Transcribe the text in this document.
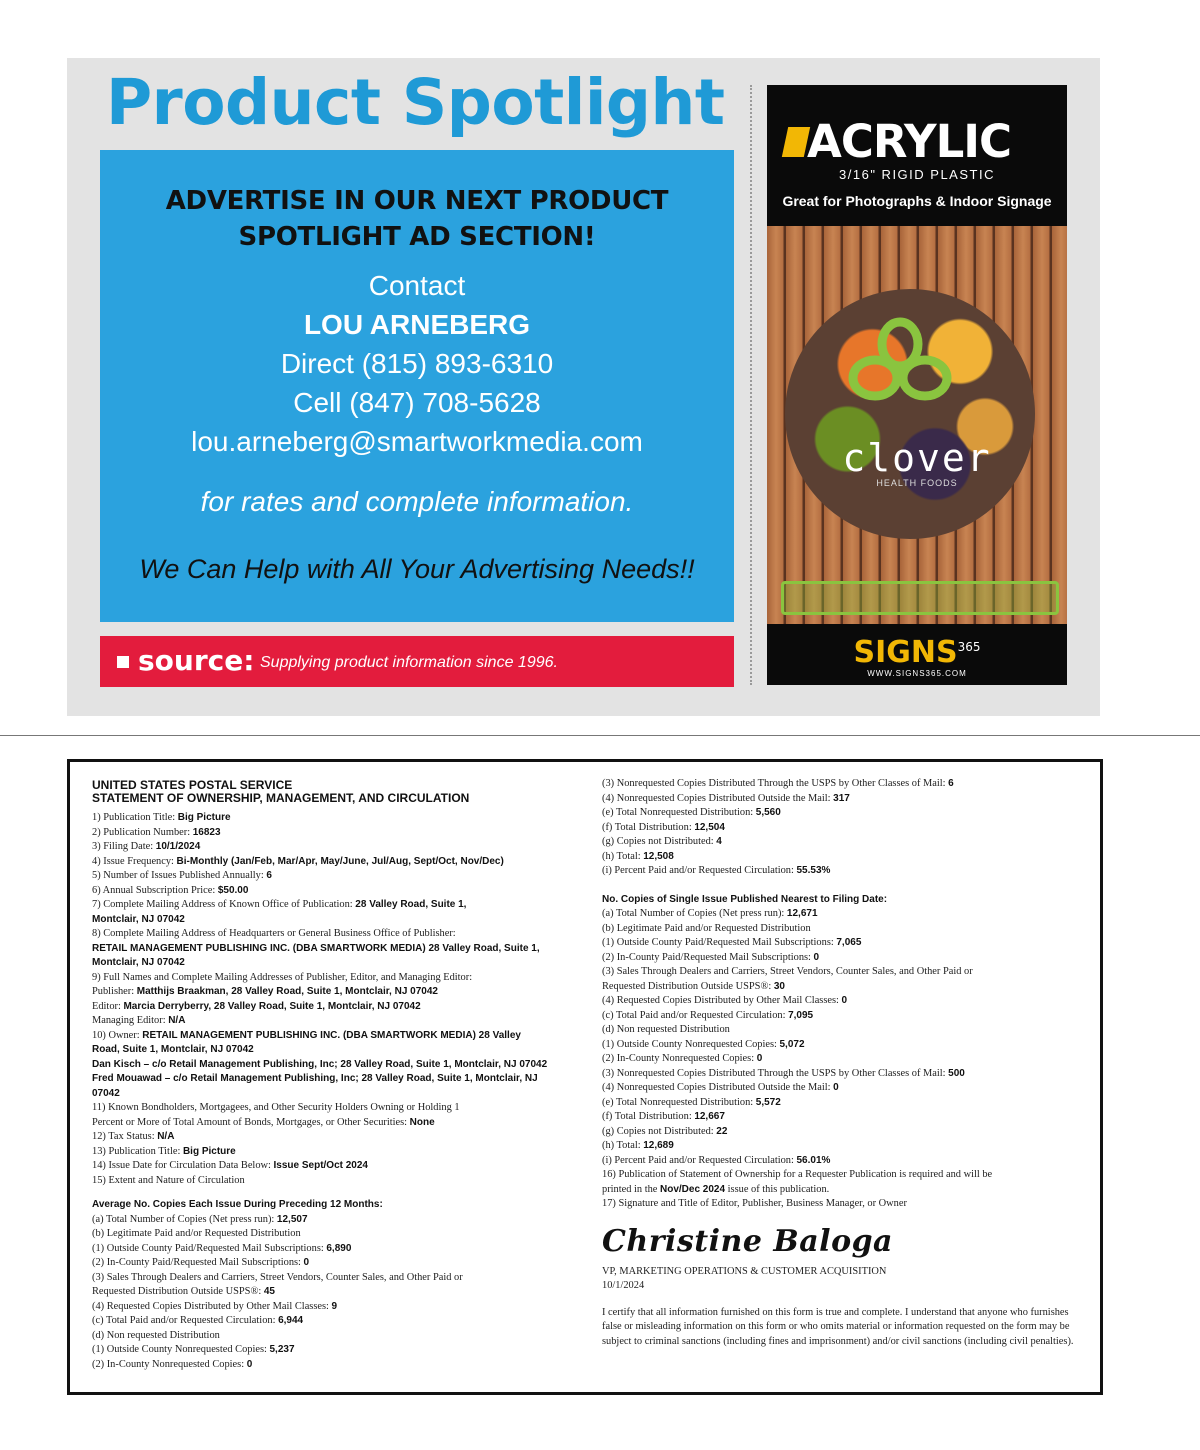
Product Spotlight
ADVERTISE IN OUR NEXT PRODUCT
SPOTLIGHT AD SECTION!
Contact
LOU ARNEBERG
Direct (815) 893-6310
Cell (847) 708-5628
lou.arneberg@smartworkmedia.com
for rates and complete information.
We Can Help with All Your Advertising Needs!!
source: Supplying product information since 1996.
ACRYLIC
3/16" RIGID PLASTIC
Great for Photographs & Indoor Signage
clover
HEALTH FOODS
SIGNS$^{365}$
WWW.SIGNS365.COM
UNITED STATES POSTAL SERVICE
STATEMENT OF OWNERSHIP, MANAGEMENT, AND CIRCULATION
1) Publication Title: Big Picture
2) Publication Number: 16823
3) Filing Date: 10/1/2024
4) Issue Frequency: Bi-Monthly (Jan/Feb, Mar/Apr, May/June, Jul/Aug, Sept/Oct, Nov/Dec)
5) Number of Issues Published Annually: 6
6) Annual Subscription Price: $50.00
7) Complete Mailing Address of Known Office of Publication: 28 Valley Road, Suite 1,
Montclair, NJ 07042
8) Complete Mailing Address of Headquarters or General Business Office of Publisher:
RETAIL MANAGEMENT PUBLISHING INC. (DBA SMARTWORK MEDIA) 28 Valley Road, Suite 1,
Montclair, NJ 07042
9) Full Names and Complete Mailing Addresses of Publisher, Editor, and Managing Editor:
Publisher: Matthijs Braakman, 28 Valley Road, Suite 1, Montclair, NJ 07042
Editor: Marcia Derryberry, 28 Valley Road, Suite 1, Montclair, NJ 07042
Managing Editor: N/A
10) Owner: RETAIL MANAGEMENT PUBLISHING INC. (DBA SMARTWORK MEDIA) 28 Valley
Road, Suite 1, Montclair, NJ 07042
Dan Kisch – c/o Retail Management Publishing, Inc; 28 Valley Road, Suite 1, Montclair, NJ 07042
Fred Mouawad – c/o Retail Management Publishing, Inc; 28 Valley Road, Suite 1, Montclair, NJ
07042
11) Known Bondholders, Mortgagees, and Other Security Holders Owning or Holding 1
Percent or More of Total Amount of Bonds, Mortgages, or Other Securities: None
12) Tax Status: N/A
13) Publication Title: Big Picture
14) Issue Date for Circulation Data Below: Issue Sept/Oct 2024
15) Extent and Nature of Circulation
Average No. Copies Each Issue During Preceding 12 Months:
(a) Total Number of Copies (Net press run): 12,507
(b) Legitimate Paid and/or Requested Distribution
(1) Outside County Paid/Requested Mail Subscriptions: 6,890
(2) In-County Paid/Requested Mail Subscriptions: 0
(3) Sales Through Dealers and Carriers, Street Vendors, Counter Sales, and Other Paid or
Requested Distribution Outside USPS®: 45
(4) Requested Copies Distributed by Other Mail Classes: 9
(c) Total Paid and/or Requested Circulation: 6,944
(d) Non requested Distribution
(1) Outside County Nonrequested Copies: 5,237
(2) In-County Nonrequested Copies: 0
(3) Nonrequested Copies Distributed Through the USPS by Other Classes of Mail: 6
(4) Nonrequested Copies Distributed Outside the Mail: 317
(e) Total Nonrequested Distribution: 5,560
(f) Total Distribution: 12,504
(g) Copies not Distributed: 4
(h) Total: 12,508
(i) Percent Paid and/or Requested Circulation: 55.53%
No. Copies of Single Issue Published Nearest to Filing Date:
(a) Total Number of Copies (Net press run): 12,671
(b) Legitimate Paid and/or Requested Distribution
(1) Outside County Paid/Requested Mail Subscriptions: 7,065
(2) In-County Paid/Requested Mail Subscriptions: 0
(3) Sales Through Dealers and Carriers, Street Vendors, Counter Sales, and Other Paid or
Requested Distribution Outside USPS®: 30
(4) Requested Copies Distributed by Other Mail Classes: 0
(c) Total Paid and/or Requested Circulation: 7,095
(d) Non requested Distribution
(1) Outside County Nonrequested Copies: 5,072
(2) In-County Nonrequested Copies: 0
(3) Nonrequested Copies Distributed Through the USPS by Other Classes of Mail: 500
(4) Nonrequested Copies Distributed Outside the Mail: 0
(e) Total Nonrequested Distribution: 5,572
(f) Total Distribution: 12,667
(g) Copies not Distributed: 22
(h) Total: 12,689
(i) Percent Paid and/or Requested Circulation: 56.01%
16) Publication of Statement of Ownership for a Requester Publication is required and will be
printed in the Nov/Dec 2024 issue of this publication.
17) Signature and Title of Editor, Publisher, Business Manager, or Owner
Christine Baloga
VP, MARKETING OPERATIONS & CUSTOMER ACQUISITION
10/1/2024
I certify that all information furnished on this form is true and complete. I understand that anyone who furnishes false or misleading information on this form or who omits material or information requested on the form may be subject to criminal sanctions (including fines and imprisonment) and/or civil sanctions (including civil penalties).
